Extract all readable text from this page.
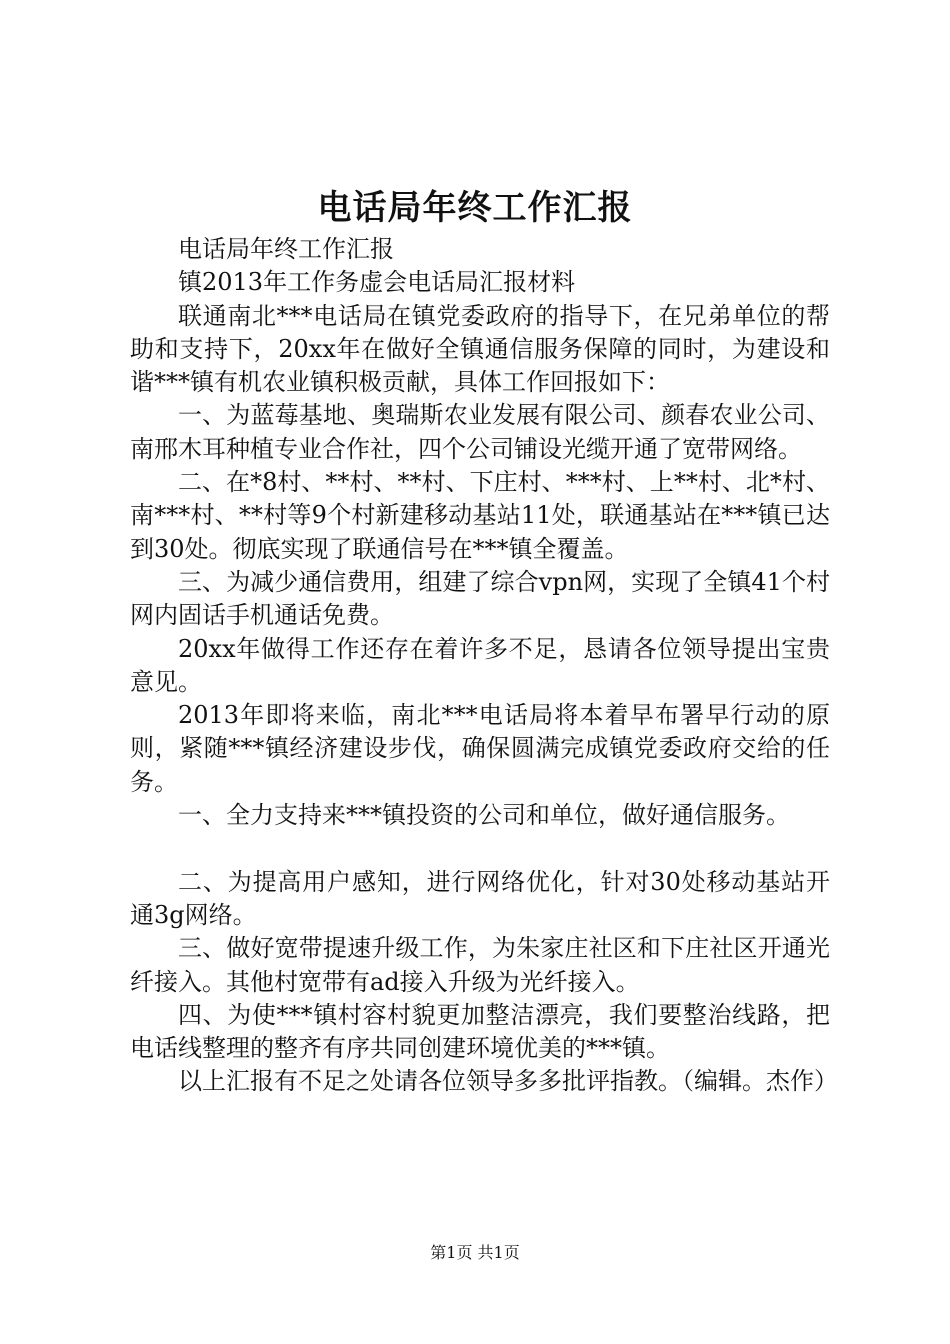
电话局年终工作汇报

电话局年终工作汇报

镇2013年工作务虚会电话局汇报材料

联通南北***电话局在镇党委政府的指导下，在兄弟单位的帮助和支持下，20xx年在做好全镇通信服务保障的同时，为建设和谐***镇有机农业镇积极贡献，具体工作回报如下：

一、为蓝莓基地、奥瑞斯农业发展有限公司、颜春农业公司、南邢木耳种植专业合作社，四个公司铺设光缆开通了宽带网络。

二、在*8村、**村、**村、下庄村、***村、上**村、北*村、南***村、**村等9个村新建移动基站11处，联通基站在***镇已达到30处。彻底实现了联通信号在***镇全覆盖。

三、为减少通信费用，组建了综合vpn网，实现了全镇41个村网内固话手机通话免费。

20xx年做得工作还存在着许多不足，恳请各位领导提出宝贵意见。

2013年即将来临，南北***电话局将本着早布署早行动的原则，紧随***镇经济建设步伐，确保圆满完成镇党委政府交给的任务。

一、全力支持来***镇投资的公司和单位，做好通信服务。

二、为提高用户感知，进行网络优化，针对30处移动基站开通3g网络。

三、做好宽带提速升级工作，为朱家庄社区和下庄社区开通光纤接入。其他村宽带有ad接入升级为光纤接入。

四、为使***镇村容村貌更加整洁漂亮，我们要整治线路，把电话线整理的整齐有序共同创建环境优美的***镇。

以上汇报有不足之处请各位领导多多批评指教。（编辑。杰作）

第1页 共1页
